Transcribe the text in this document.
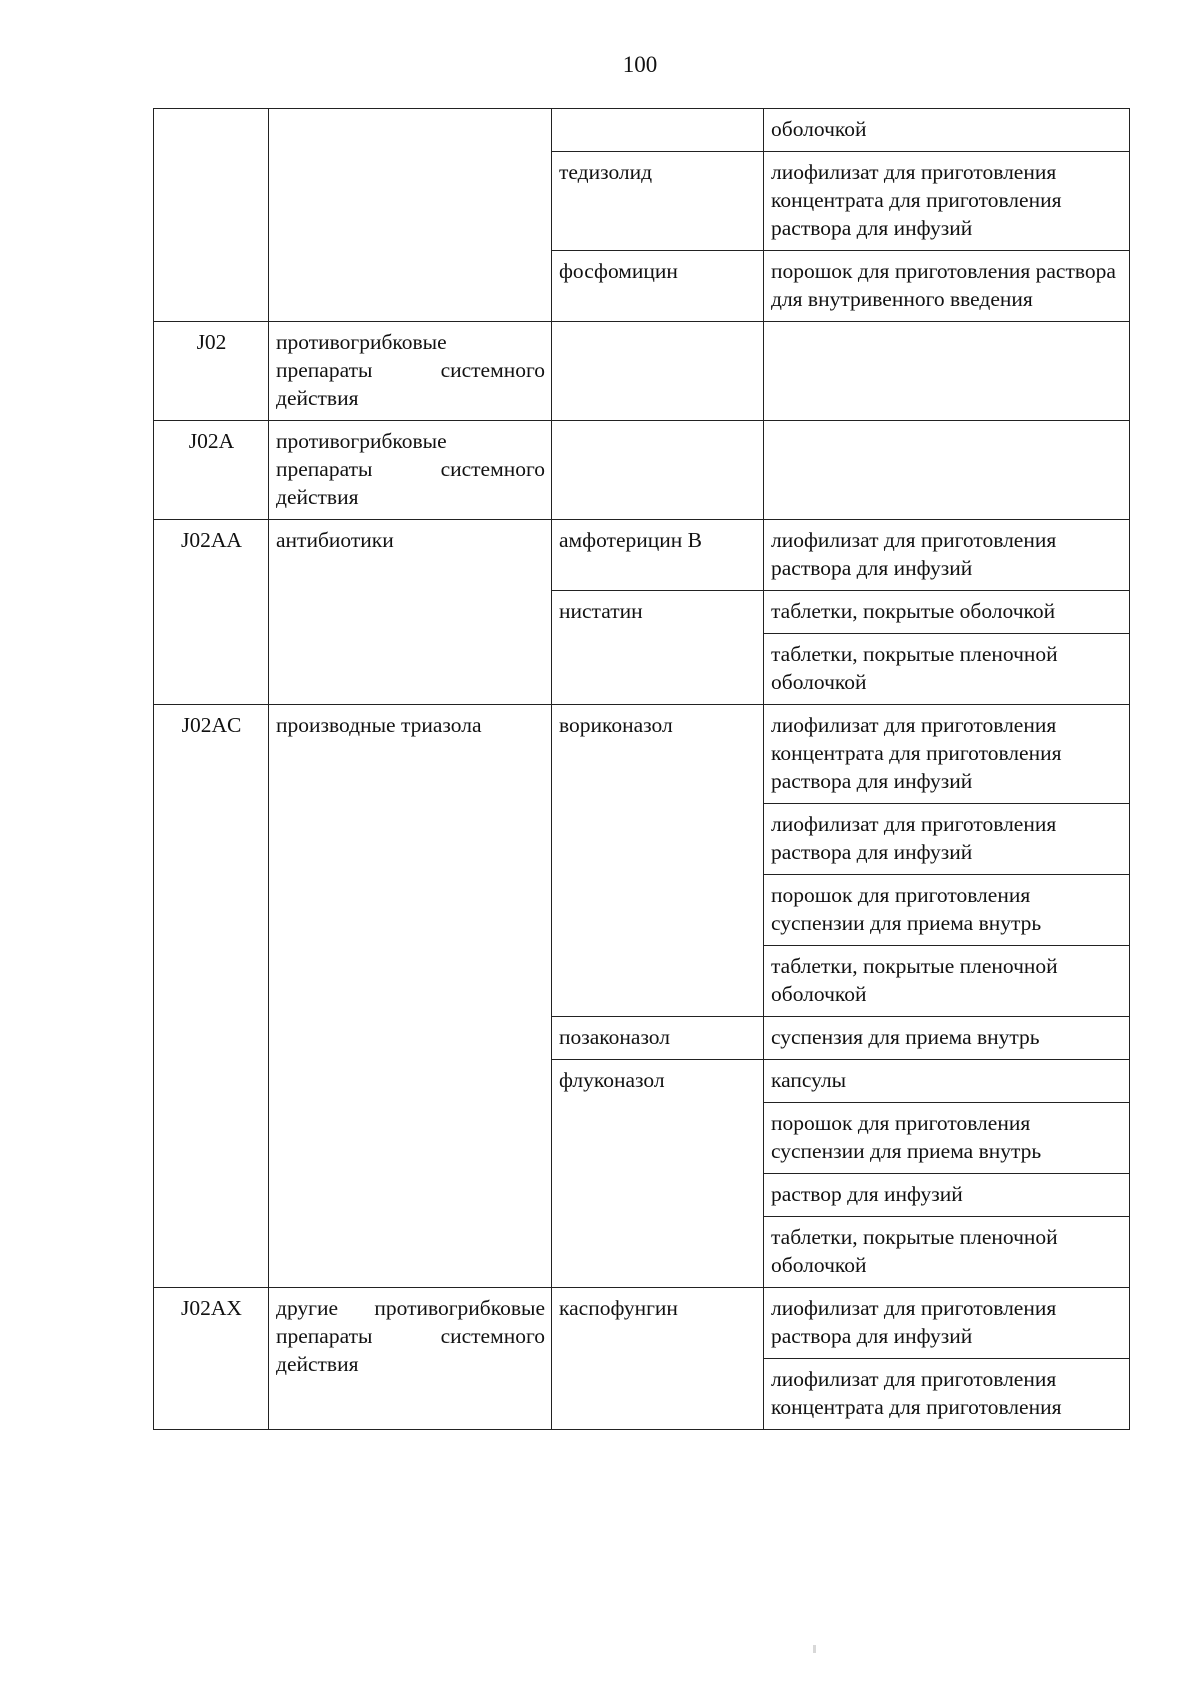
100
			оболочкой
		тедизолид	лиофилизат для приготовления концентрата для приготовления раствора для инфузий
		фосфомицин	порошок для приготовления раствора для внутривенного введения
J02	противогрибковые препараты системного действия		
J02A	противогрибковые препараты системного действия		
J02AA	антибиотики	амфотерицин В	лиофилизат для приготовления раствора для инфузий
		нистатин	таблетки, покрытые оболочкой
			таблетки, покрытые пленочной оболочкой
J02AC	производные триазола	вориконазол	лиофилизат для приготовления концентрата для приготовления раствора для инфузий
			лиофилизат для приготовления раствора для инфузий
			порошок для приготовления суспензии для приема внутрь
			таблетки, покрытые пленочной оболочкой
		позаконазол	суспензия для приема внутрь
		флуконазол	капсулы
			порошок для приготовления суспензии для приема внутрь
			раствор для инфузий
			таблетки, покрытые пленочной оболочкой
J02AX	другие противогрибковые препараты системного действия	каспофунгин	лиофилизат для приготовления раствора для инфузий
			лиофилизат для приготовления концентрата для приготовления
